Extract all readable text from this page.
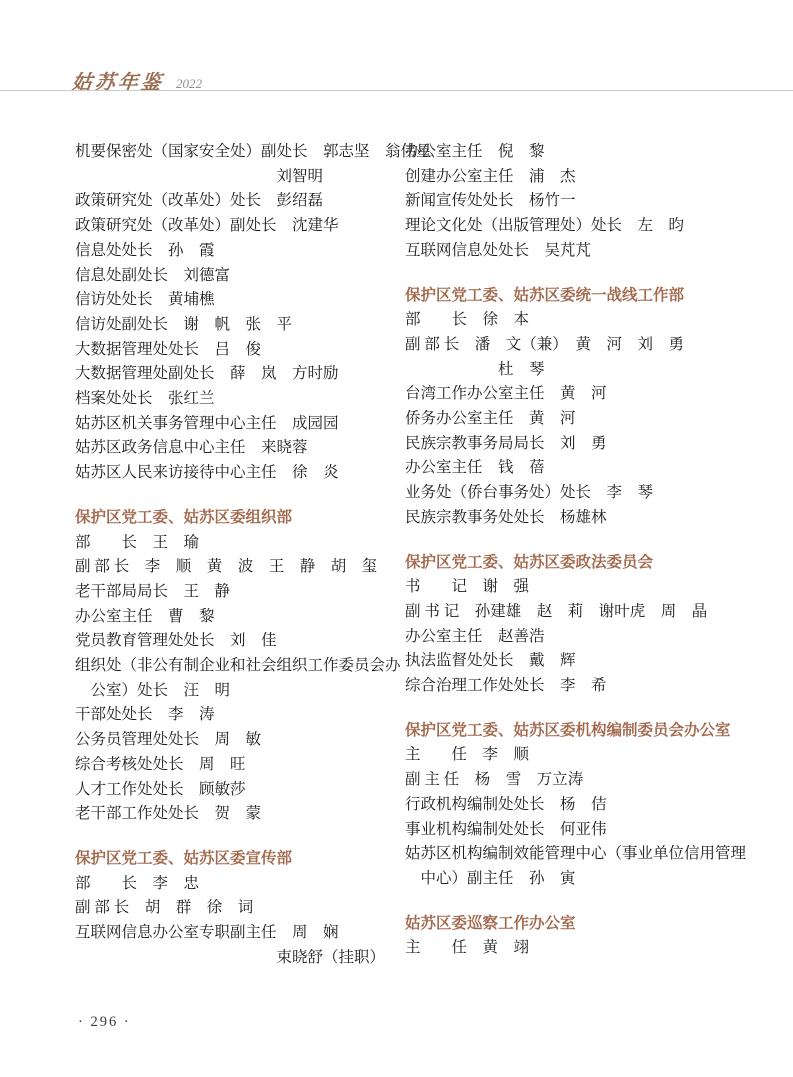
姑苏年鉴 2022
机要保密处（国家安全处）副处长　郭志坚　翁伟星
　　　　　　　　　　　　　刘智明
政策研究处（改革处）处长　彭绍磊
政策研究处（改革处）副处长　沈建华
信息处处长　孙　霞
信息处副处长　刘德富
信访处处长　黄埔樵
信访处副处长　谢　帆　张　平
大数据管理处处长　吕　俊
大数据管理处副处长　薛　岚　方时励
档案处处长　张红兰
姑苏区机关事务管理中心主任　成园园
姑苏区政务信息中心主任　来晓蓉
姑苏区人民来访接待中心主任　徐　炎
保护区党工委、姑苏区委组织部
部　　长　王　瑜
副 部 长　李　顺　黄　波　王　静　胡　玺
老干部局局长　王　静
办公室主任　曹　黎
党员教育管理处处长　刘　佳
组织处（非公有制企业和社会组织工作委员会办
　公室）处长　汪　明
干部处处长　李　涛
公务员管理处处长　周　敏
综合考核处处长　周　旺
人才工作处处长　顾敏莎
老干部工作处处长　贺　蒙
保护区党工委、姑苏区委宣传部
部　　长　李　忠
副 部 长　胡　群　徐　词
互联网信息办公室专职副主任　周　娴
　　　　　　　　　　　　　束晓舒（挂职）
办公室主任　倪　黎
创建办公室主任　浦　杰
新闻宣传处处长　杨竹一
理论文化处（出版管理处）处长　左　昀
互联网信息处处长　吴芃芃
保护区党工委、姑苏区委统一战线工作部
部　　长　徐　本
副 部 长　潘　文（兼）　黄　河　刘　勇
　　　　　　杜　琴
台湾工作办公室主任　黄　河
侨务办公室主任　黄　河
民族宗教事务局局长　刘　勇
办公室主任　钱　蓓
业务处（侨台事务处）处长　李　琴
民族宗教事务处处长　杨雄林
保护区党工委、姑苏区委政法委员会
书　　记　谢　强
副 书 记　孙建雄　赵　莉　谢叶虎　周　晶
办公室主任　赵善浩
执法监督处处长　戴　辉
综合治理工作处处长　李　希
保护区党工委、姑苏区委机构编制委员会办公室
主　　任　李　顺
副 主 任　杨　雪　万立涛
行政机构编制处处长　杨　佶
事业机构编制处处长　何亚伟
姑苏区机构编制效能管理中心（事业单位信用管理
　中心）副主任　孙　寅
姑苏区委巡察工作办公室
主　　任　黄　翊
· 296 ·
